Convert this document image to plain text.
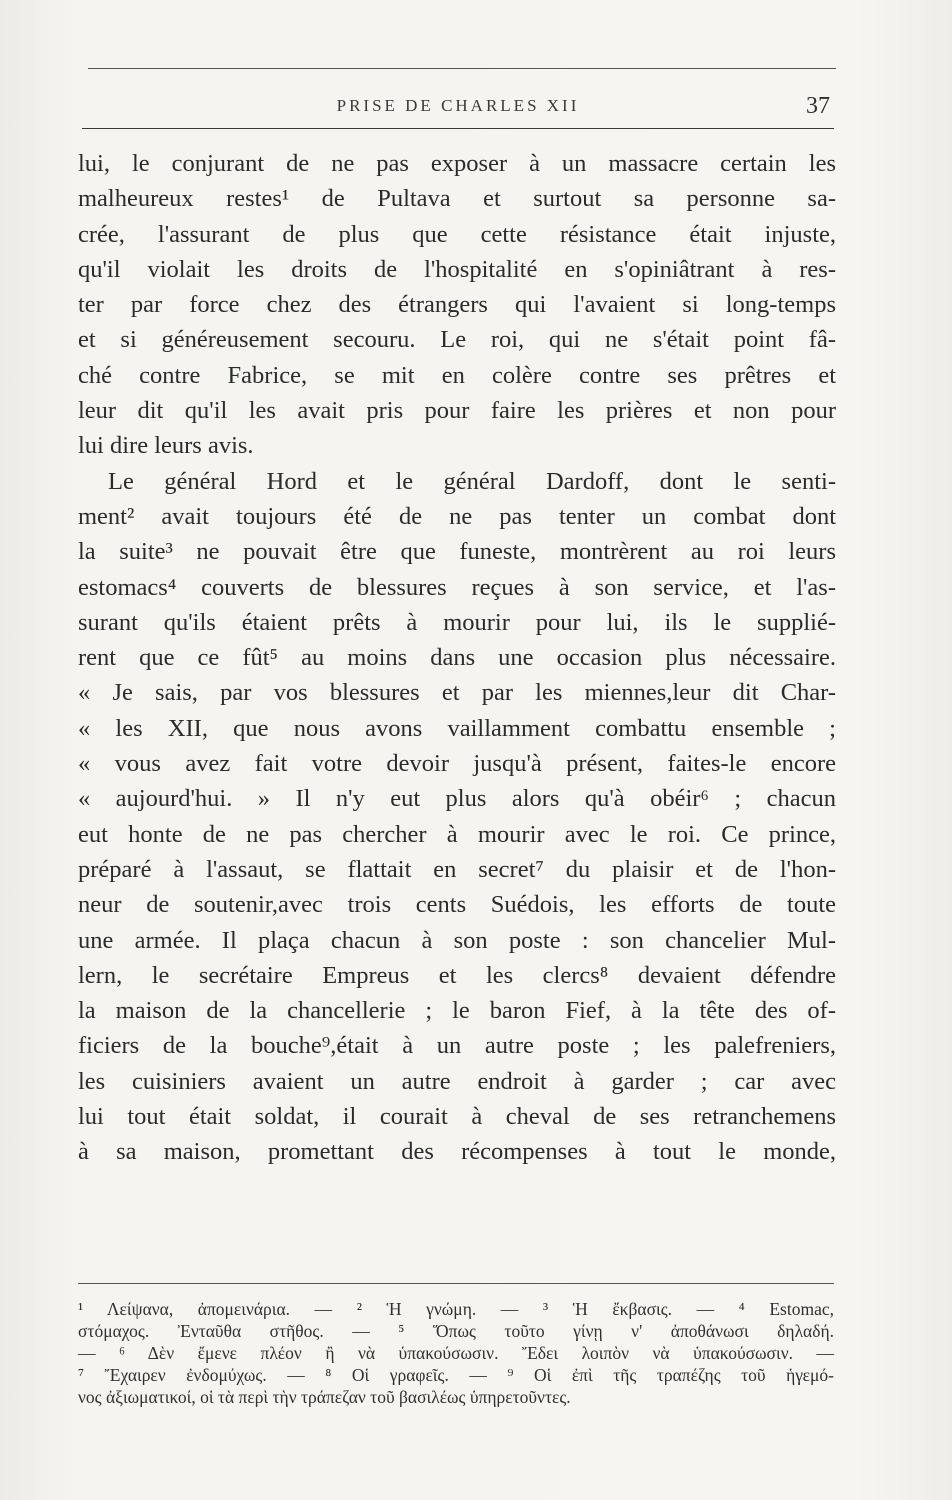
PRISE DE CHARLES XII	37
lui, le conjurant de ne pas exposer à un massacre certain les
malheureux restes¹ de Pultava et surtout sa personne sa-
crée, l'assurant de plus que cette résistance était injuste,
qu'il violait les droits de l'hospitalité en s'opiniâtrant à res-
ter par force chez des étrangers qui l'avaient si long-temps
et si généreusement secouru. Le roi, qui ne s'était point fâ-
ché contre Fabrice, se mit en colère contre ses prêtres et
leur dit qu'il les avait pris pour faire les prières et non pour
lui dire leurs avis.
Le général Hord et le général Dardoff, dont le senti-
ment² avait toujours été de ne pas tenter un combat dont
la suite³ ne pouvait être que funeste, montrèrent au roi leurs
estomacs⁴ couverts de blessures reçues à son service, et l'as-
surant qu'ils étaient prêts à mourir pour lui, ils le supplié-
rent que ce fût⁵ au moins dans une occasion plus nécessaire.
« Je sais, par vos blessures et par les miennes,leur dit Char-
« les XII, que nous avons vaillamment combattu ensemble ;
« vous avez fait votre devoir jusqu'à présent, faites-le encore
« aujourd'hui. » Il n'y eut plus alors qu'à obéir⁶ ; chacun
eut honte de ne pas chercher à mourir avec le roi. Ce prince,
préparé à l'assaut, se flattait en secret⁷ du plaisir et de l'hon-
neur de soutenir,avec trois cents Suédois, les efforts de toute
une armée. Il plaça chacun à son poste : son chancelier Mul-
lern, le secrétaire Empreus et les clercs⁸ devaient défendre
la maison de la chancellerie ; le baron Fief, à la tête des of-
ficiers de la bouche⁹,était à un autre poste ; les palefreniers,
les cuisiniers avaient un autre endroit à garder ; car avec
lui tout était soldat, il courait à cheval de ses retranchemens
à sa maison, promettant des récompenses à tout le monde,
¹ Λείψανα, ἀπομεινάρια. — ² Ἡ γνώμη. — ³ Ἡ ἔκβασις. — ⁴ Estomac,
στόμαχος. Ἐνταῦθα στῆθος. — ⁵ Ὅπως τοῦτο γίνῃ ν' ἀποθάνωσι δηλαδή.
— ⁶ Δὲν ἔμενε πλέον ἢ νὰ ὑπακούσωσιν. Ἔδει λοιπὸν νὰ ὑπακούσωσιν. —
⁷ Ἔχαιρεν ἐνδομύχως. — ⁸ Οἱ γραφεῖς. — ⁹ Οἱ ἐπὶ τῆς τραπέζης τοῦ ἡγεμό-
νος ἀξιωματικοί, οἱ τὰ περὶ τὴν τράπεζαν τοῦ βασιλέως ὑπηρετοῦντες.
